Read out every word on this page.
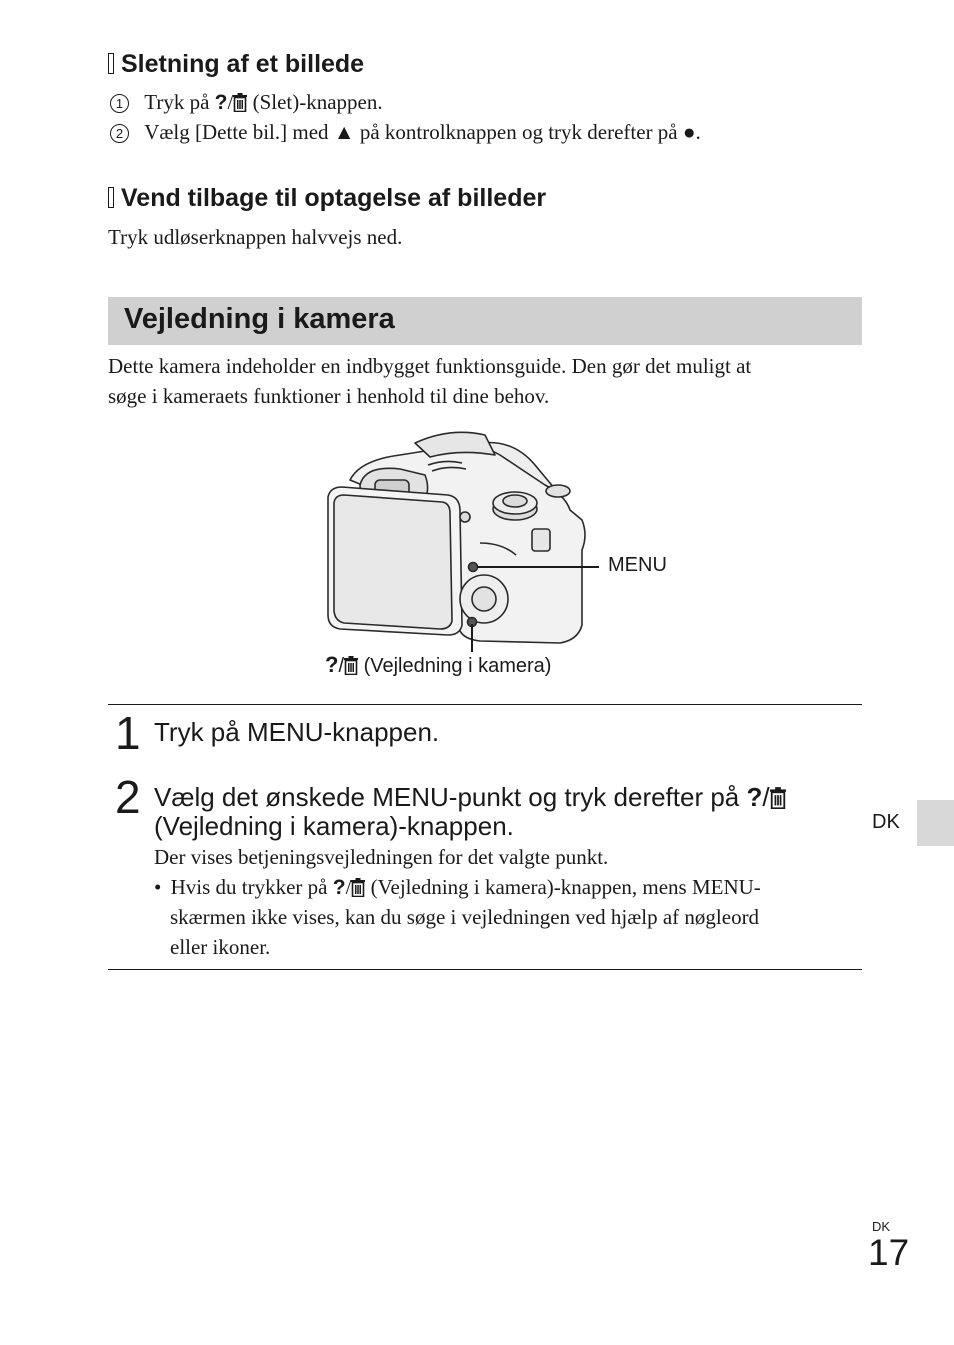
Sletning af et billede
1 Tryk på ?/ (Slet)-knappen.
2 Vælg [Dette bil.] med ▲ på kontrolknappen og tryk derefter på ●.
Vend tilbage til optagelse af billeder
Tryk udløserknappen halvvejs ned.
Vejledning i kamera
Dette kamera indeholder en indbygget funktionsguide. Den gør det muligt at
søge i kameraets funktioner i henhold til dine behov.
MENU
?/ (Vejledning i kamera)
1 Tryk på MENU-knappen.
2 Vælg det ønskede MENU-punkt og tryk derefter på ?/
(Vejledning i kamera)-knappen.
Der vises betjeningsvejledningen for det valgte punkt.
• Hvis du trykker på ?/ (Vejledning i kamera)-knappen, mens MENU-
skærmen ikke vises, kan du søge i vejledningen ved hjælp af nøgleord
eller ikoner.
DK
DK
17
